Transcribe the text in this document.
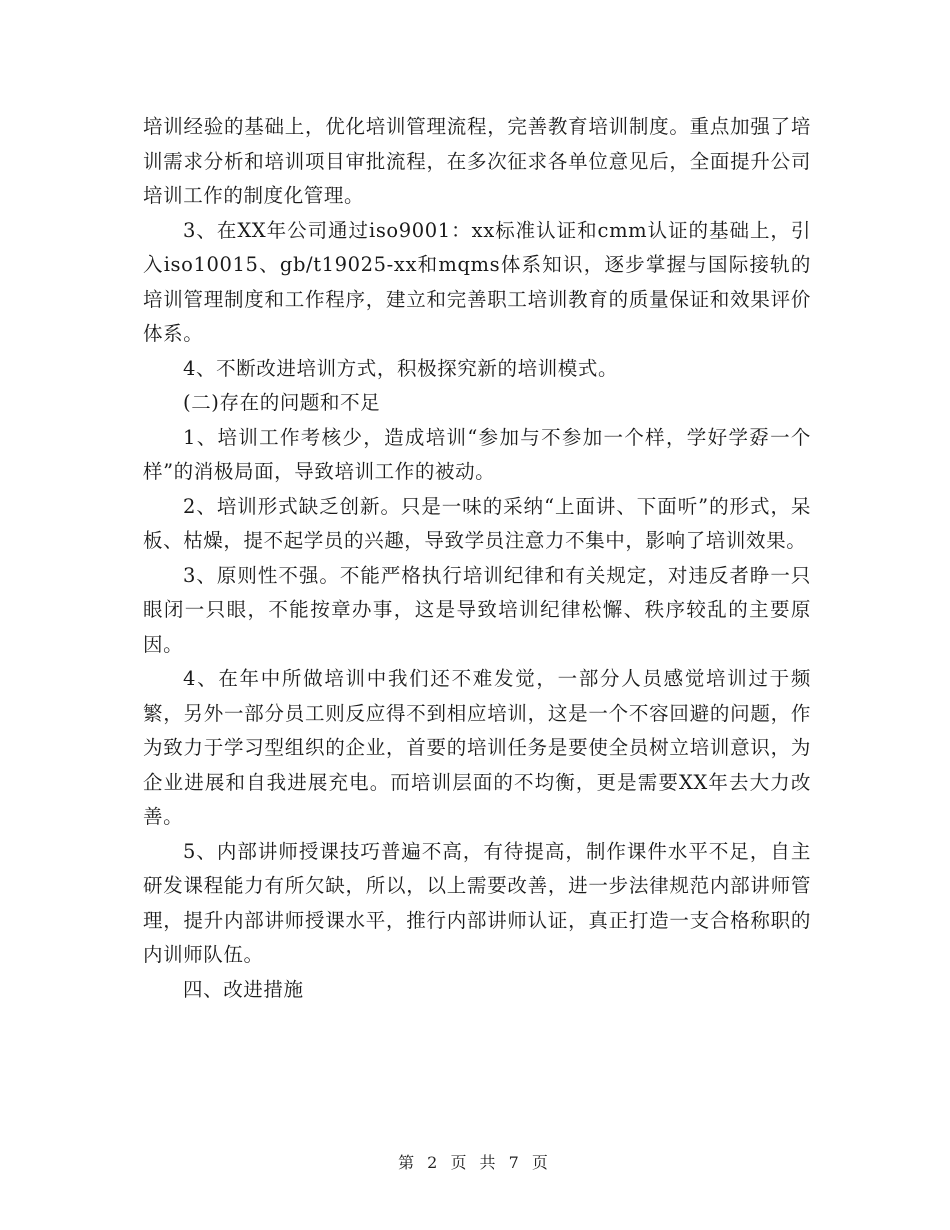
培训经验的基础上，优化培训管理流程，完善教育培训制度。重点加强了培训需求分析和培训项目审批流程，在多次征求各单位意见后，全面提升公司培训工作的制度化管理。

3、在XX年公司通过iso9001：xx标准认证和cmm认证的基础上，引入iso10015、gb/t19025-xx和mqms体系知识，逐步掌握与国际接轨的培训管理制度和工作程序，建立和完善职工培训教育的质量保证和效果评价体系。

4、不断改进培训方式，积极探究新的培训模式。

(二)存在的问题和不足

1、培训工作考核少，造成培训“参加与不参加一个样，学好学孬一个样”的消极局面，导致培训工作的被动。

2、培训形式缺乏创新。只是一味的采纳“上面讲、下面听”的形式，呆板、枯燥，提不起学员的兴趣，导致学员注意力不集中，影响了培训效果。

3、原则性不强。不能严格执行培训纪律和有关规定，对违反者睁一只眼闭一只眼，不能按章办事，这是导致培训纪律松懈、秩序较乱的主要原因。

4、在年中所做培训中我们还不难发觉，一部分人员感觉培训过于频繁，另外一部分员工则反应得不到相应培训，这是一个不容回避的问题，作为致力于学习型组织的企业，首要的培训任务是要使全员树立培训意识，为企业进展和自我进展充电。而培训层面的不均衡，更是需要XX年去大力改善。

5、内部讲师授课技巧普遍不高，有待提高，制作课件水平不足，自主研发课程能力有所欠缺，所以，以上需要改善，进一步法律规范内部讲师管理，提升内部讲师授课水平，推行内部讲师认证，真正打造一支合格称职的内训师队伍。

四、改进措施

第 2 页 共 7 页
